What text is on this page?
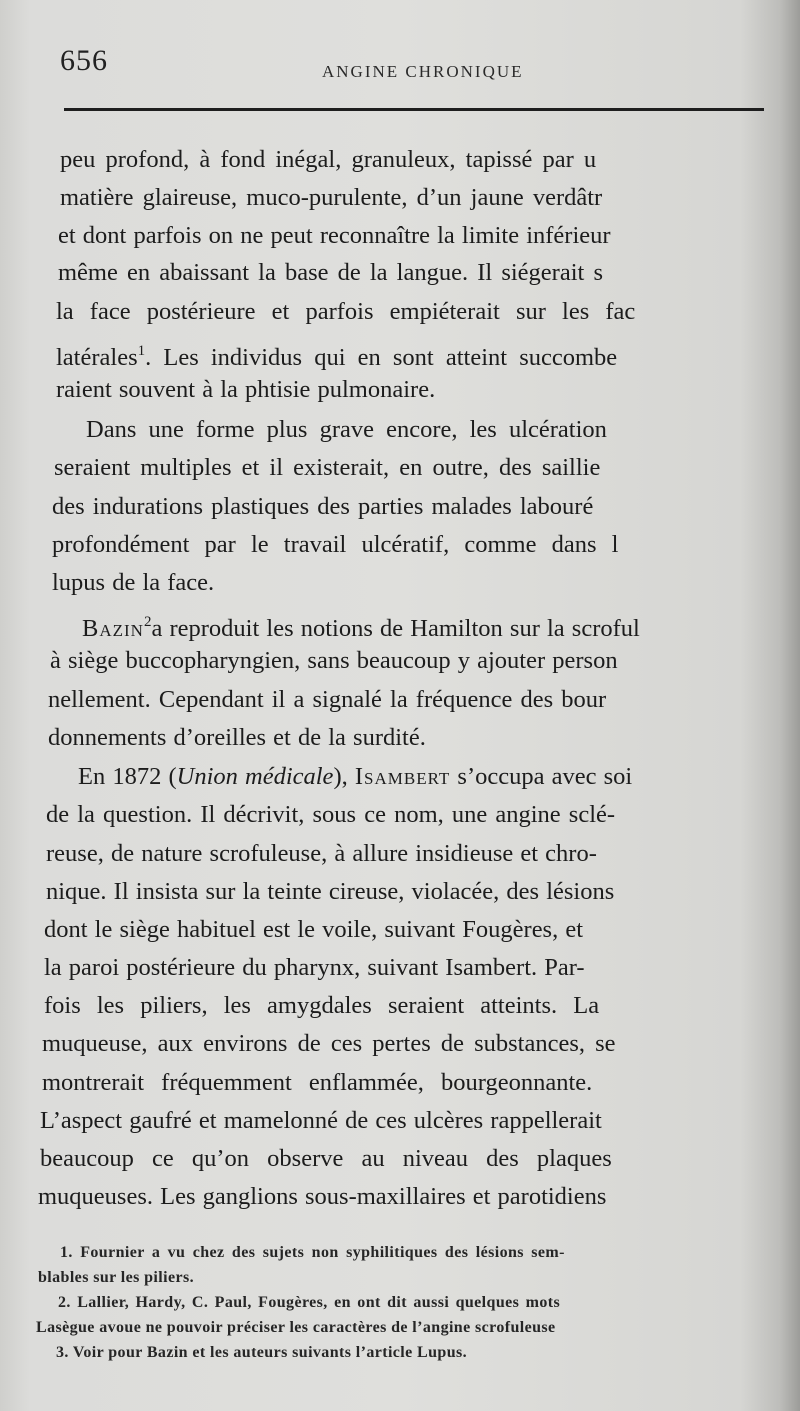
656	ANGINE CHRONIQUE
peu profond, à fond inégal, granuleux, tapissé par u
matière glaireuse, muco-purulente, d’un jaune verdâtr
et dont parfois on ne peut reconnaître la limite inférieur
même en abaissant la base de la langue. Il siégerait s
la face postérieure et parfois empiéterait sur les fac
latérales$^1$. Les individus qui en sont atteint succombe
raient souvent à la phtisie pulmonaire.
Dans une forme plus grave encore, les ulcération
seraient multiples et il existerait, en outre, des saillie
des indurations plastiques des parties malades labouré
profondément par le travail ulcératif, comme dans l
lupus de la face.
Bazin$^2$a reproduit les notions de Hamilton sur la scroful
à siège buccopharyngien, sans beaucoup y ajouter person
nellement. Cependant il a signalé la fréquence des bour
donnements d’oreilles et de la surdité.
En 1872 (Union médicale), Isambert s’occupa avec soi
de la question. Il décrivit, sous ce nom, une angine sclé-
reuse, de nature scrofuleuse, à allure insidieuse et chro-
nique. Il insista sur la teinte cireuse, violacée, des lésions
dont le siège habituel est le voile, suivant Fougères, et
la paroi postérieure du pharynx, suivant Isambert. Par-
fois les piliers, les amygdales seraient atteints. La
muqueuse, aux environs de ces pertes de substances, se
montrerait fréquemment enflammée, bourgeonnante.
L’aspect gaufré et mamelonné de ces ulcères rappellerait
beaucoup ce qu’on observe au niveau des plaques
muqueuses. Les ganglions sous-maxillaires et parotidiens
1. Fournier a vu chez des sujets non syphilitiques des lésions sem-
blables sur les piliers.
2. Lallier, Hardy, C. Paul, Fougères, en ont dit aussi quelques mots
Lasègue avoue ne pouvoir préciser les caractères de l’angine scrofuleuse
3. Voir pour Bazin et les auteurs suivants l’article Lupus.
